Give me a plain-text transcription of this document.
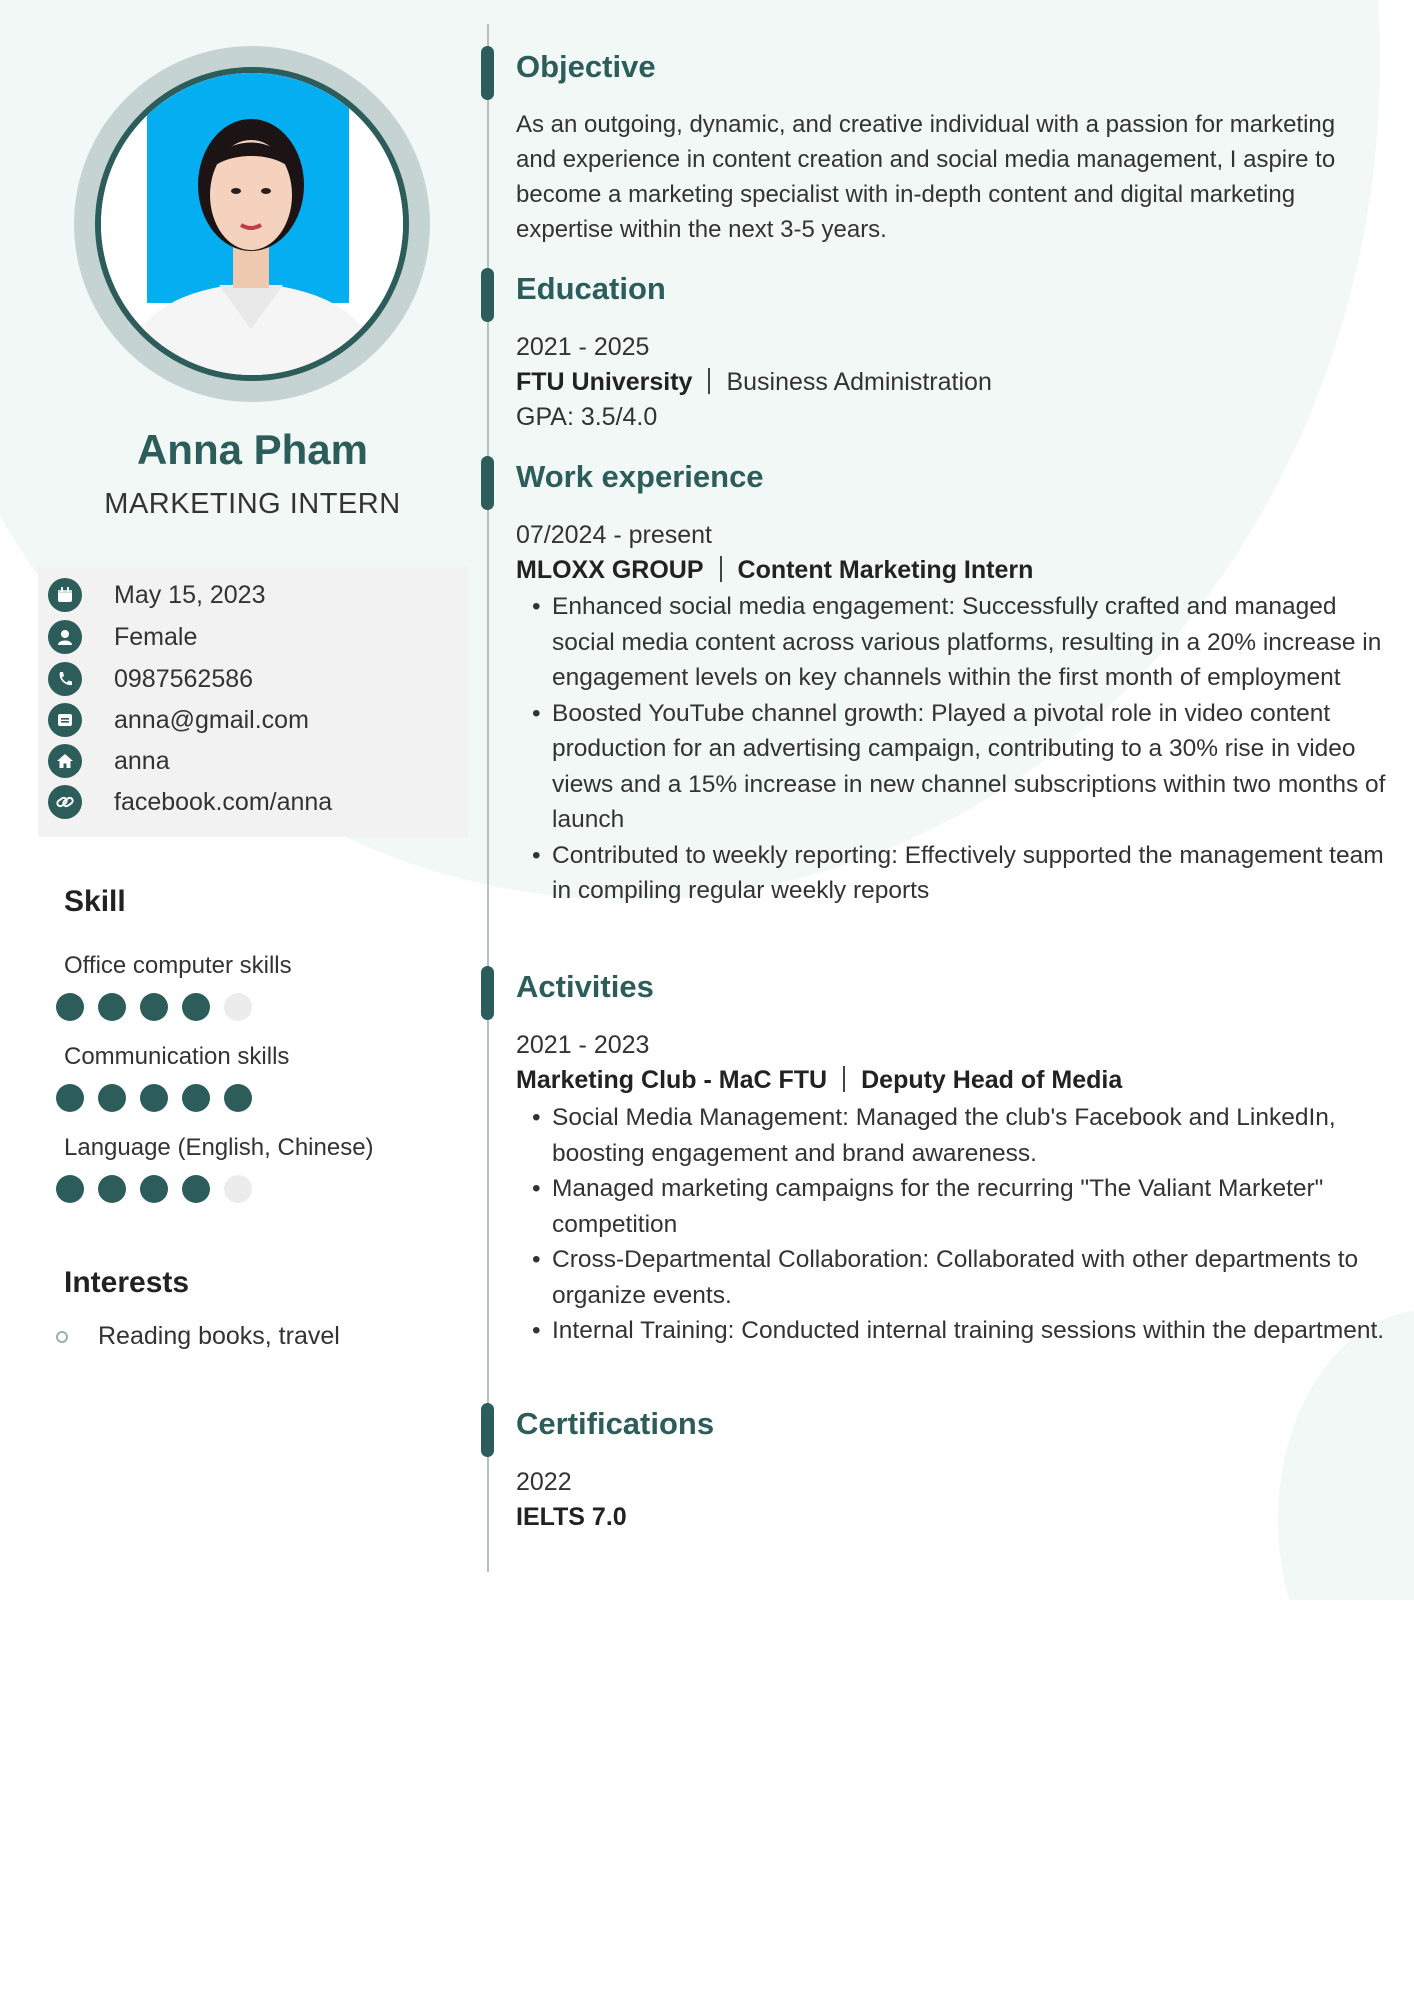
Anna Pham
MARKETING INTERN
May 15, 2023
Female
0987562586
anna@gmail.com
anna
facebook.com/anna
Skill
Office computer skills
Communication skills
Language (English, Chinese)
Interests
Reading books, travel
Objective
As an outgoing, dynamic, and creative individual with a passion for marketing and experience in content creation and social media management, I aspire to become a marketing specialist with in-depth content and digital marketing expertise within the next 3-5 years.
Education
2021 - 2025
FTU University Business Administration
GPA: 3.5/4.0
Work experience
07/2024 - present
MLOXX GROUP Content Marketing Intern
• Enhanced social media engagement: Successfully crafted and managed social media content across various platforms, resulting in a 20% increase in engagement levels on key channels within the first month of employment
• Boosted YouTube channel growth: Played a pivotal role in video content production for an advertising campaign, contributing to a 30% rise in video views and a 15% increase in new channel subscriptions within two months of launch
• Contributed to weekly reporting: Effectively supported the management team in compiling regular weekly reports
Activities
2021 - 2023
Marketing Club - MaC FTU Deputy Head of Media
• Social Media Management: Managed the club's Facebook and LinkedIn, boosting engagement and brand awareness.
• Managed marketing campaigns for the recurring "The Valiant Marketer" competition
• Cross-Departmental Collaboration: Collaborated with other departments to organize events.
• Internal Training: Conducted internal training sessions within the department.
Certifications
2022
IELTS 7.0
